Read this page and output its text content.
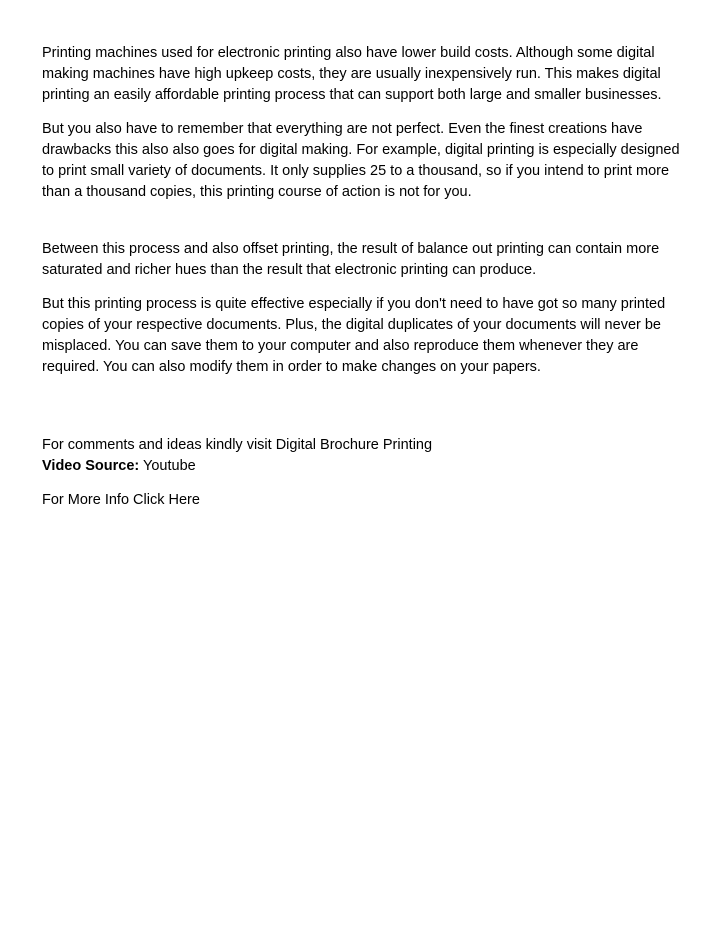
Printing machines used for electronic printing also have lower build costs. Although some digital making machines have high upkeep costs, they are usually inexpensively run. This makes digital printing an easily affordable printing process that can support both large and smaller businesses.

But you also have to remember that everything are not perfect. Even the finest creations have drawbacks this also also goes for digital making. For example, digital printing is especially designed to print small variety of documents. It only supplies 25 to a thousand, so if you intend to print more than a thousand copies, this printing course of action is not for you.

Between this process and also offset printing, the result of balance out printing can contain more saturated and richer hues than the result that electronic printing can produce.

But this printing process is quite effective especially if you don't need to have got so many printed copies of your respective documents. Plus, the digital duplicates of your documents will never be misplaced. You can save them to your computer and also reproduce them whenever they are required. You can also modify them in order to make changes on your papers.

For comments and ideas kindly visit Digital Brochure Printing

Video Source: Youtube

For More Info Click Here
